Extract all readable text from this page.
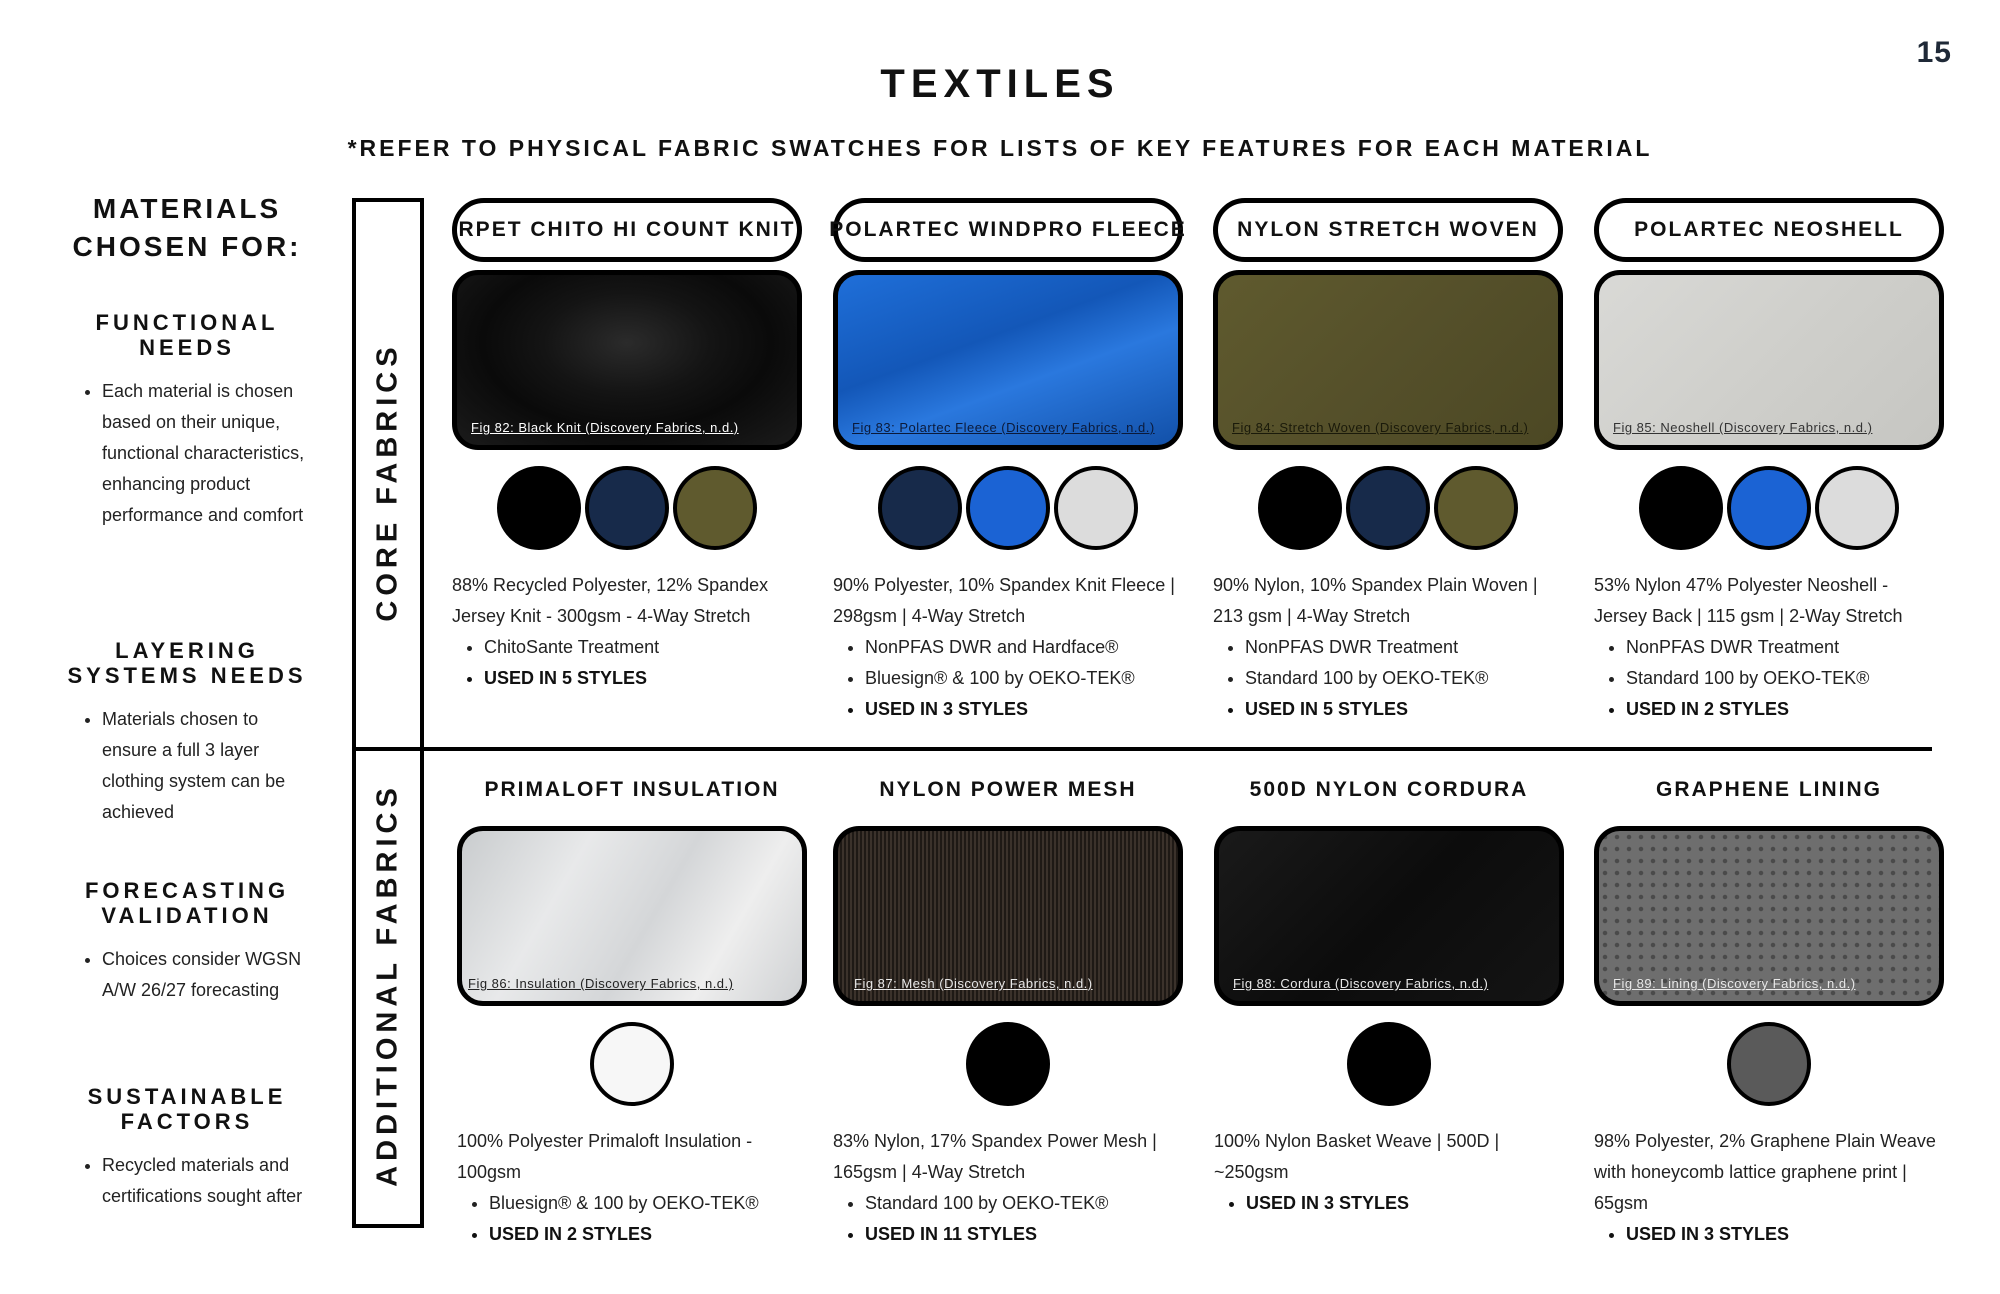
15
TEXTILES
*REFER TO PHYSICAL FABRIC SWATCHES FOR LISTS OF KEY FEATURES FOR EACH MATERIAL
MATERIALS
CHOSEN FOR:
FUNCTIONAL
NEEDS
• Each material is chosen based on their unique, functional characteristics, enhancing product performance and comfort
LAYERING
SYSTEMS NEEDS
• Materials chosen to ensure a full 3 layer clothing system can be achieved
FORECASTING
VALIDATION
• Choices consider WGSN A/W 26/27 forecasting
SUSTAINABLE
FACTORS
• Recycled materials and certifications sought after
CORE FABRICS
ADDITIONAL FABRICS
RPET CHITO HI COUNT KNIT
Fig 82: Black Knit (Discovery Fabrics, n.d.)
88% Recycled Polyester, 12% Spandex Jersey Knit - 300gsm - 4-Way Stretch
• ChitoSante Treatment
• USED IN 5 STYLES
POLARTEC WINDPRO FLEECE
Fig 83: Polartec Fleece (Discovery Fabrics, n.d.)
90% Polyester, 10% Spandex Knit Fleece | 298gsm | 4-Way Stretch
• NonPFAS DWR and Hardface®
• Bluesign® & 100 by OEKO-TEK®
• USED IN 3 STYLES
NYLON STRETCH WOVEN
Fig 84: Stretch Woven (Discovery Fabrics, n.d.)
90% Nylon, 10% Spandex Plain Woven | 213 gsm | 4-Way Stretch
• NonPFAS DWR Treatment
• Standard 100 by OEKO-TEK®
• USED IN 5 STYLES
POLARTEC NEOSHELL
Fig 85: Neoshell (Discovery Fabrics, n.d.)
53% Nylon 47% Polyester Neoshell - Jersey Back | 115 gsm | 2-Way Stretch
• NonPFAS DWR Treatment
• Standard 100 by OEKO-TEK®
• USED IN 2 STYLES
PRIMALOFT INSULATION
Fig 86: Insulation (Discovery Fabrics, n.d.)
100% Polyester Primaloft Insulation - 100gsm
• Bluesign® & 100 by OEKO-TEK®
• USED IN 2 STYLES
NYLON POWER MESH
Fig 87: Mesh (Discovery Fabrics, n.d.)
83% Nylon, 17% Spandex Power Mesh | 165gsm | 4-Way Stretch
• Standard 100 by OEKO-TEK®
• USED IN 11 STYLES
500D NYLON CORDURA
Fig 88: Cordura (Discovery Fabrics, n.d.)
100% Nylon Basket Weave | 500D | ~250gsm
• USED IN 3 STYLES
GRAPHENE LINING
Fig 89: Lining (Discovery Fabrics, n.d.)
98% Polyester, 2% Graphene Plain Weave with honeycomb lattice graphene print | 65gsm
• USED IN 3 STYLES
